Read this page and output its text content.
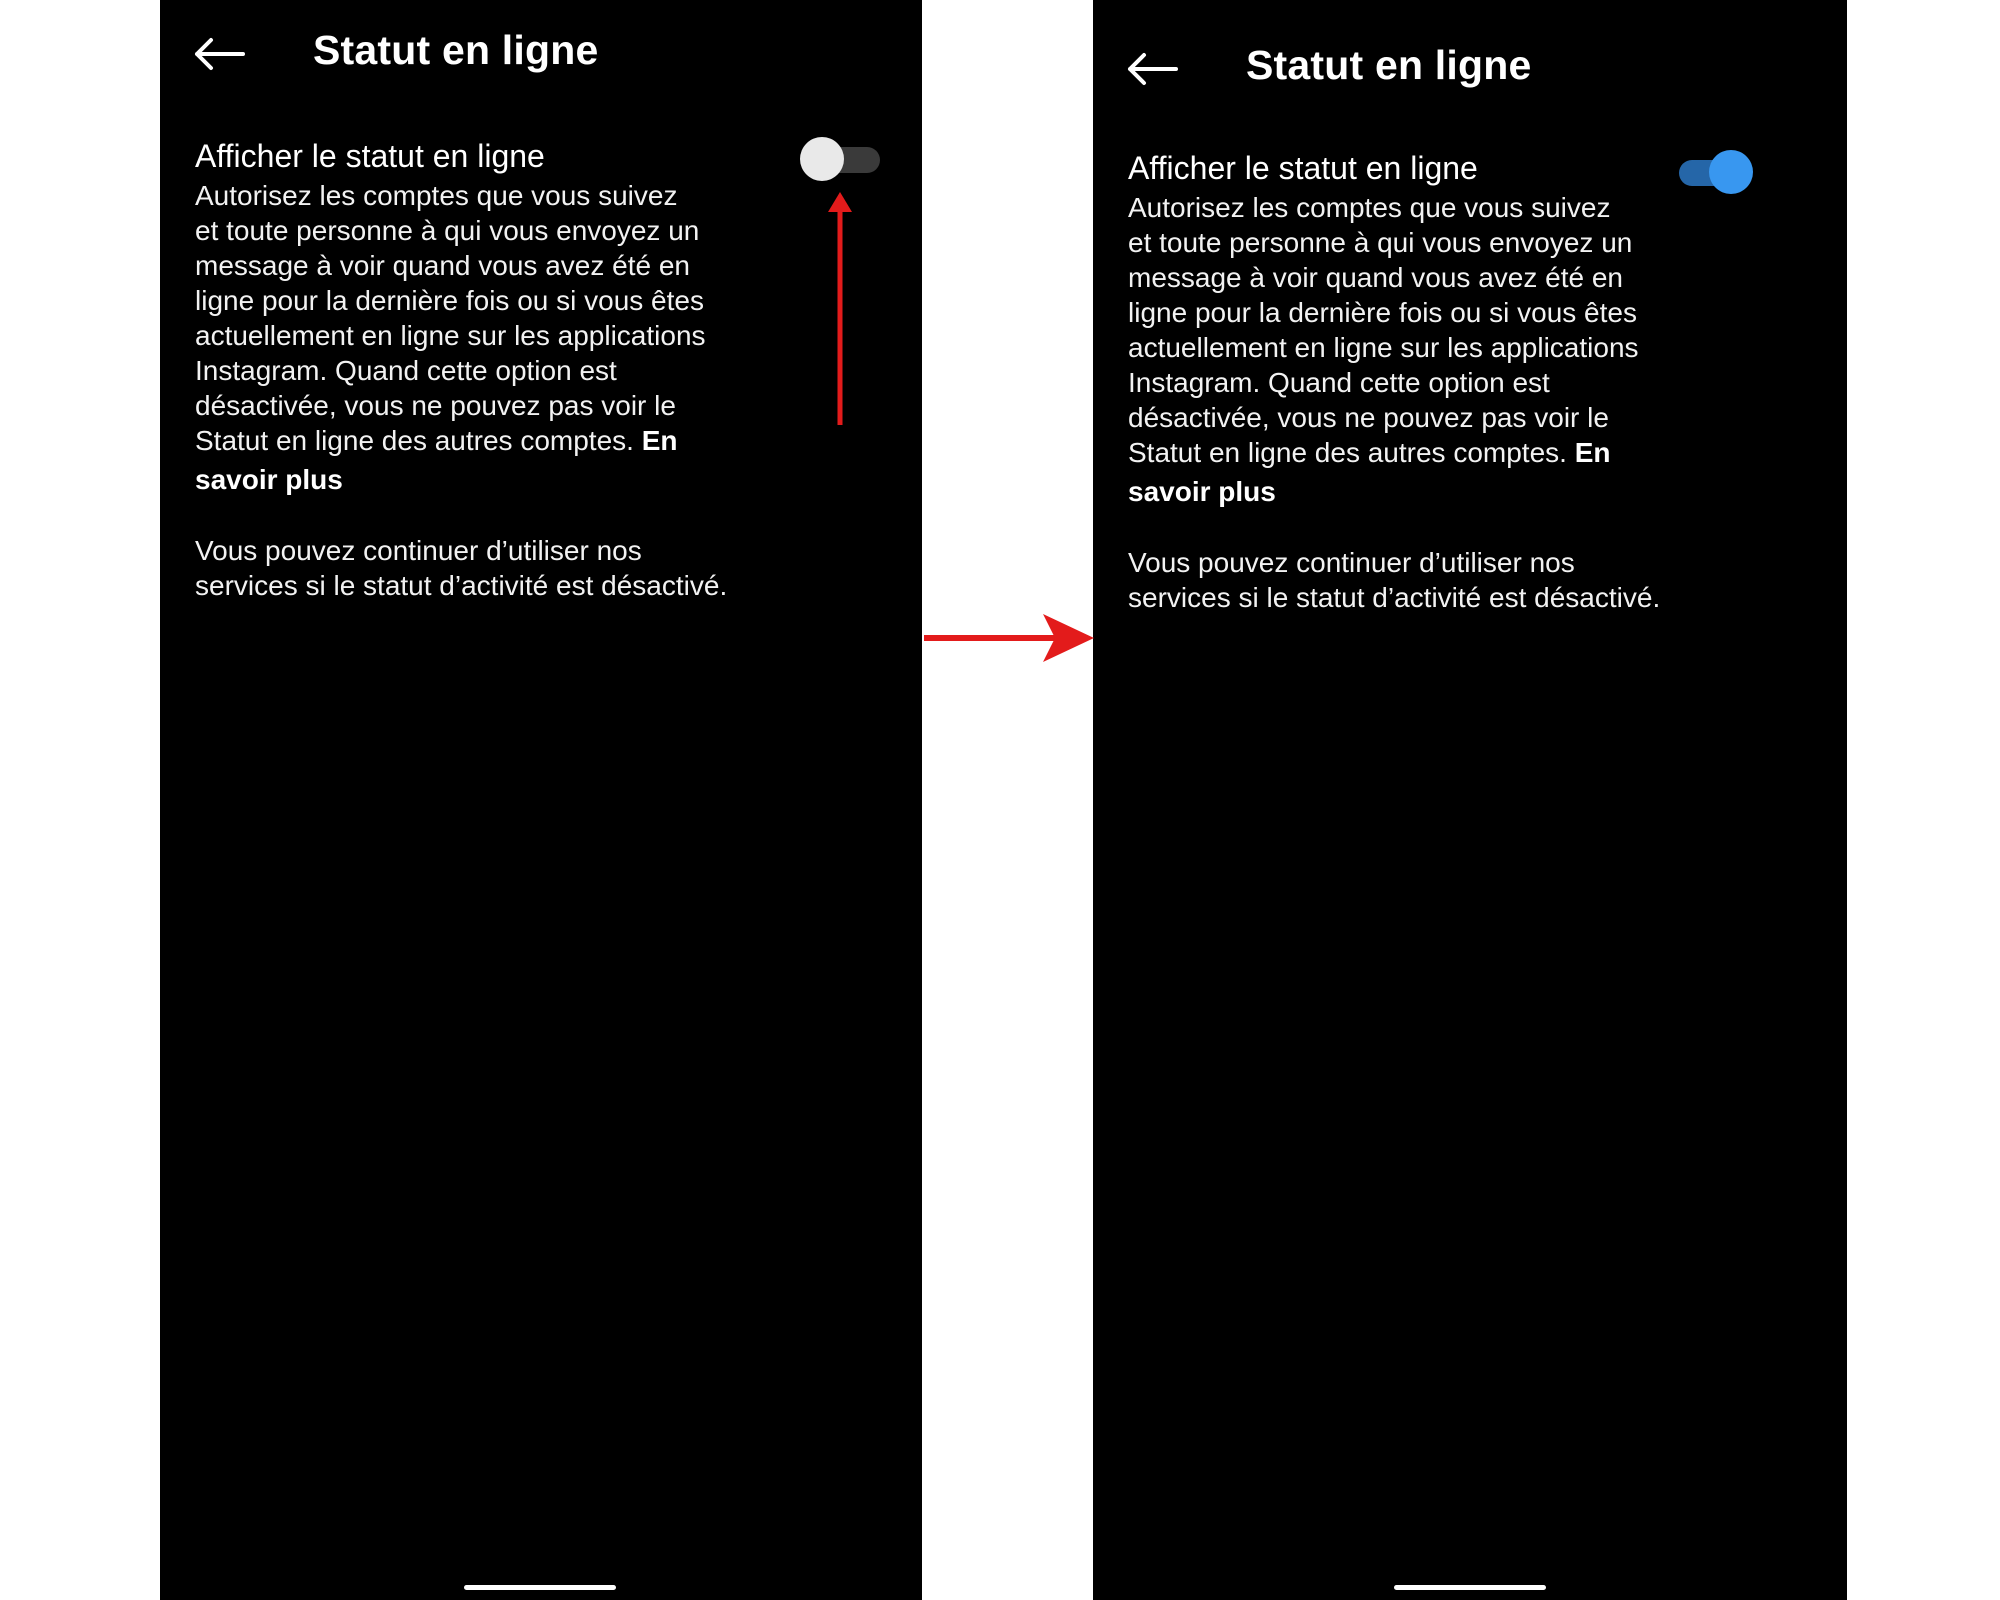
Statut en ligne
Afficher le statut en ligne
Autorisez les comptes que vous suivez
et toute personne à qui vous envoyez un
message à voir quand vous avez été en
ligne pour la dernière fois ou si vous êtes
actuellement en ligne sur les applications
Instagram. Quand cette option est
désactivée, vous ne pouvez pas voir le
Statut en ligne des autres comptes. En
savoir plus
Vous pouvez continuer d’utiliser nos
services si le statut d’activité est désactivé.
Statut en ligne
Afficher le statut en ligne
Autorisez les comptes que vous suivez
et toute personne à qui vous envoyez un
message à voir quand vous avez été en
ligne pour la dernière fois ou si vous êtes
actuellement en ligne sur les applications
Instagram. Quand cette option est
désactivée, vous ne pouvez pas voir le
Statut en ligne des autres comptes. En
savoir plus
Vous pouvez continuer d’utiliser nos
services si le statut d’activité est désactivé.
